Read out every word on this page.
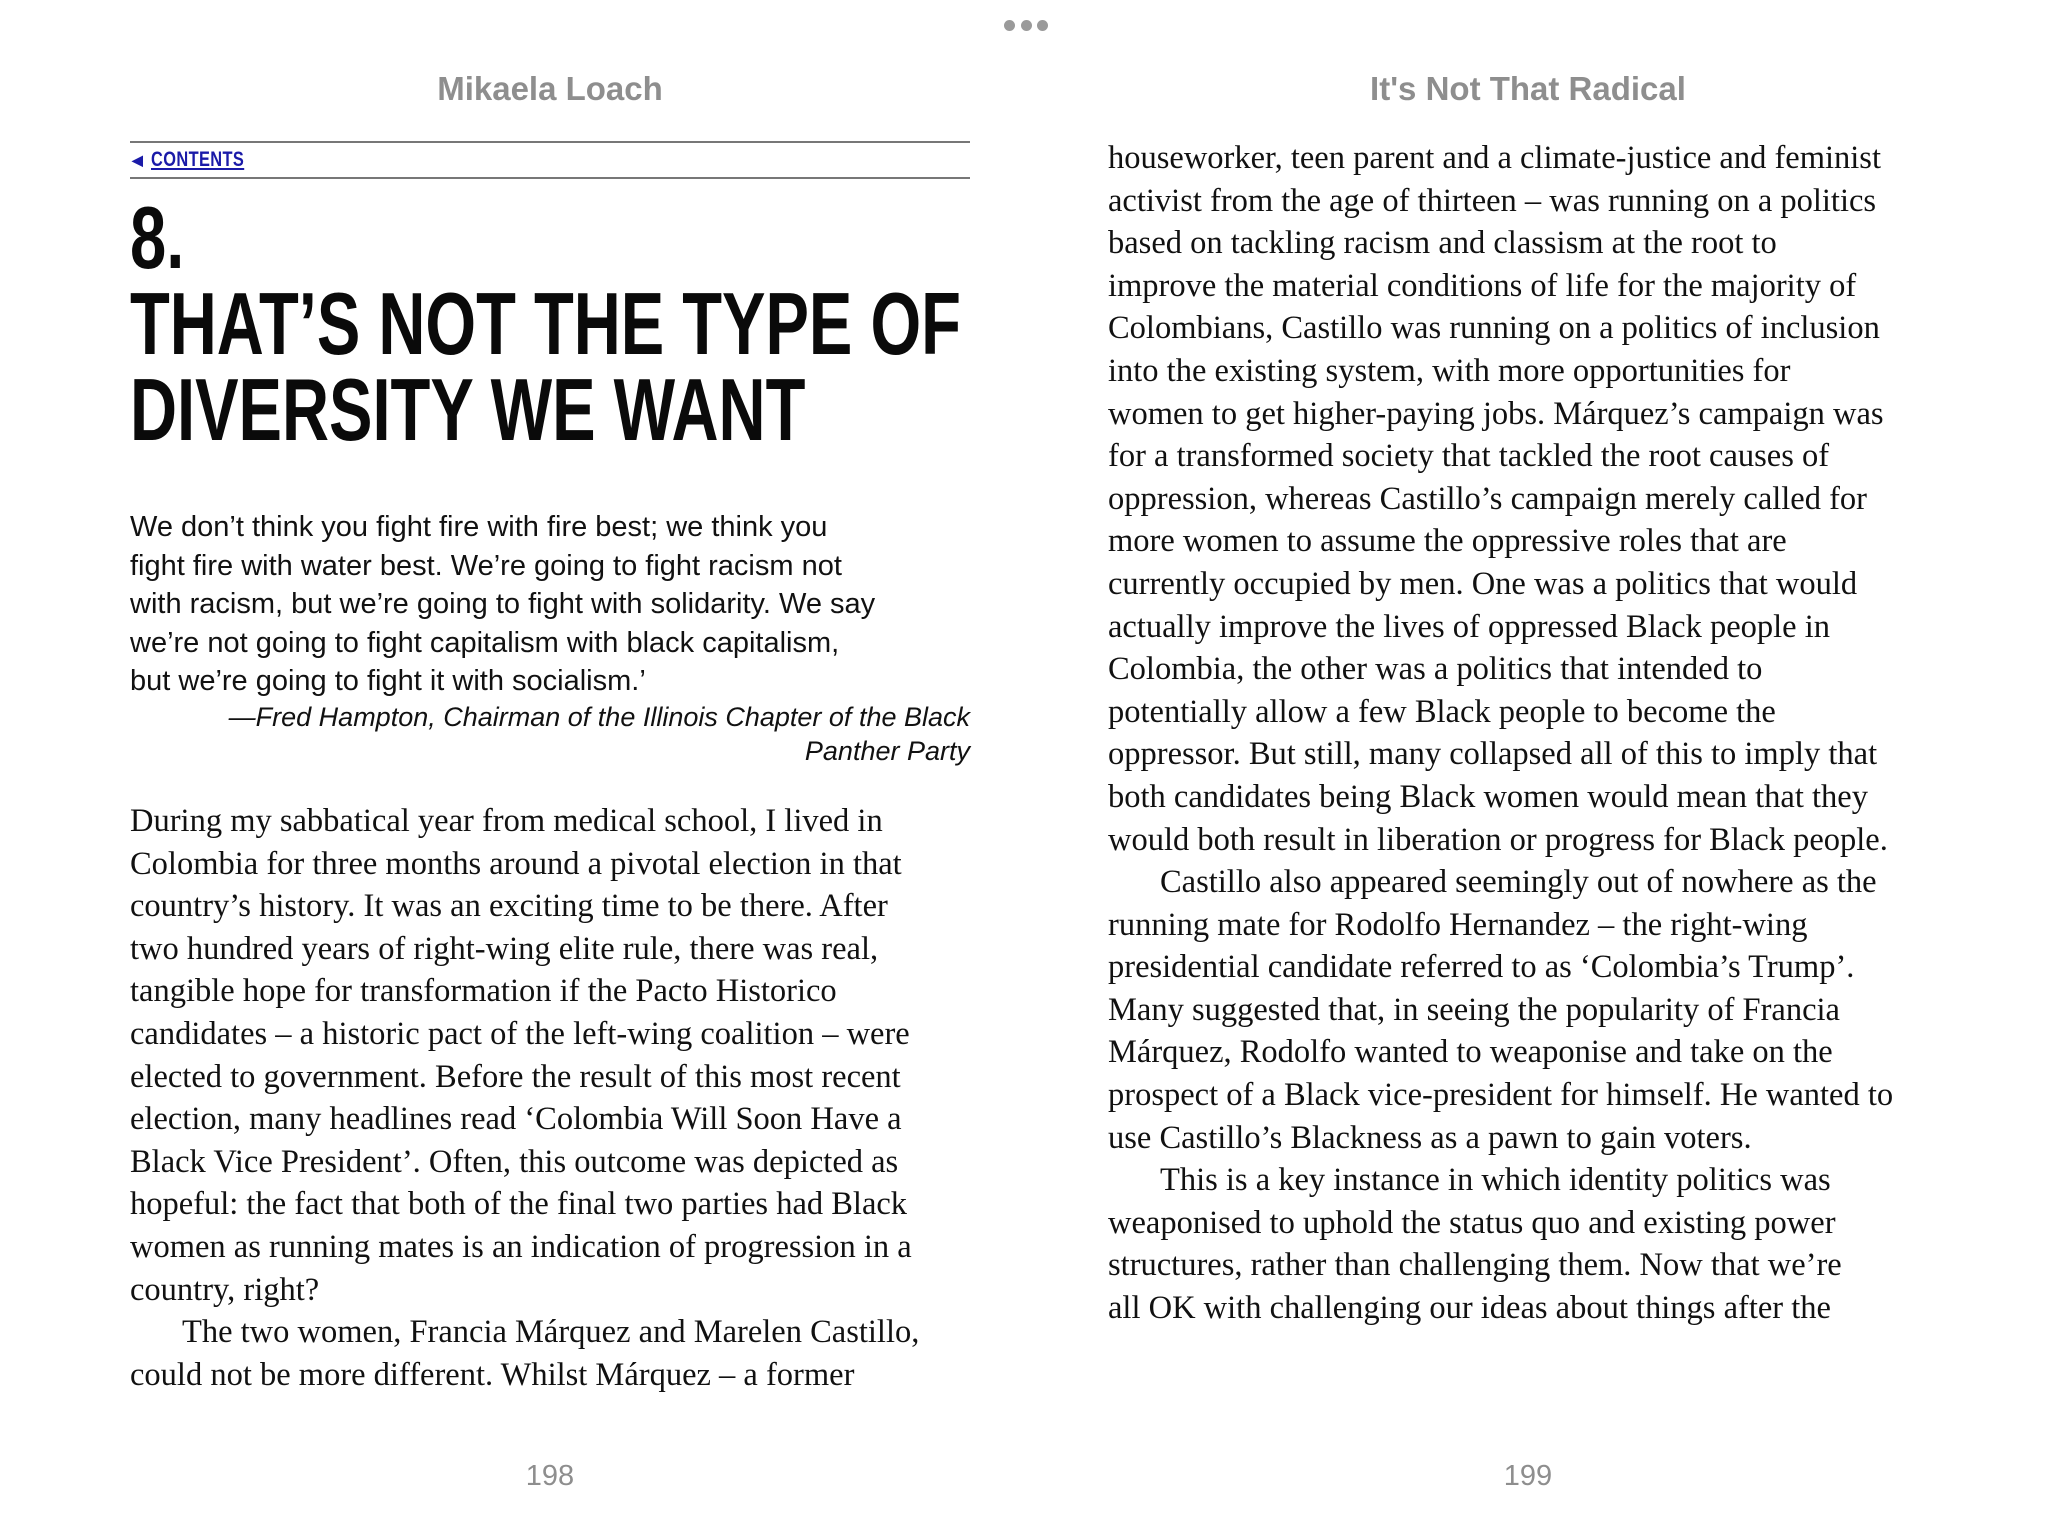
Mikaela Loach	It's Not That Radical
◀ CONTENTS
8.
THAT’S NOT THE TYPE OF
DIVERSITY WE WANT
We don’t think you fight fire with fire best; we think you
fight fire with water best. We’re going to fight racism not
with racism, but we’re going to fight with solidarity. We say
we’re not going to fight capitalism with black capitalism,
but we’re going to fight it with socialism.’
—Fred Hampton, Chairman of the Illinois Chapter of the Black
Panther Party
During my sabbatical year from medical school, I lived in
Colombia for three months around a pivotal election in that
country’s history. It was an exciting time to be there. After
two hundred years of right-wing elite rule, there was real,
tangible hope for transformation if the Pacto Historico
candidates – a historic pact of the left-wing coalition – were
elected to government. Before the result of this most recent
election, many headlines read ‘Colombia Will Soon Have a
Black Vice President’. Often, this outcome was depicted as
hopeful: the fact that both of the final two parties had Black
women as running mates is an indication of progression in a
country, right?
The two women, Francia Márquez and Marelen Castillo,
could not be more different. Whilst Márquez – a former
houseworker, teen parent and a climate-justice and feminist
activist from the age of thirteen – was running on a politics
based on tackling racism and classism at the root to
improve the material conditions of life for the majority of
Colombians, Castillo was running on a politics of inclusion
into the existing system, with more opportunities for
women to get higher-paying jobs. Márquez’s campaign was
for a transformed society that tackled the root causes of
oppression, whereas Castillo’s campaign merely called for
more women to assume the oppressive roles that are
currently occupied by men. One was a politics that would
actually improve the lives of oppressed Black people in
Colombia, the other was a politics that intended to
potentially allow a few Black people to become the
oppressor. But still, many collapsed all of this to imply that
both candidates being Black women would mean that they
would both result in liberation or progress for Black people.
Castillo also appeared seemingly out of nowhere as the
running mate for Rodolfo Hernandez – the right-wing
presidential candidate referred to as ‘Colombia’s Trump’.
Many suggested that, in seeing the popularity of Francia
Márquez, Rodolfo wanted to weaponise and take on the
prospect of a Black vice-president for himself. He wanted to
use Castillo’s Blackness as a pawn to gain voters.
This is a key instance in which identity politics was
weaponised to uphold the status quo and existing power
structures, rather than challenging them. Now that we’re
all OK with challenging our ideas about things after the
198	199
